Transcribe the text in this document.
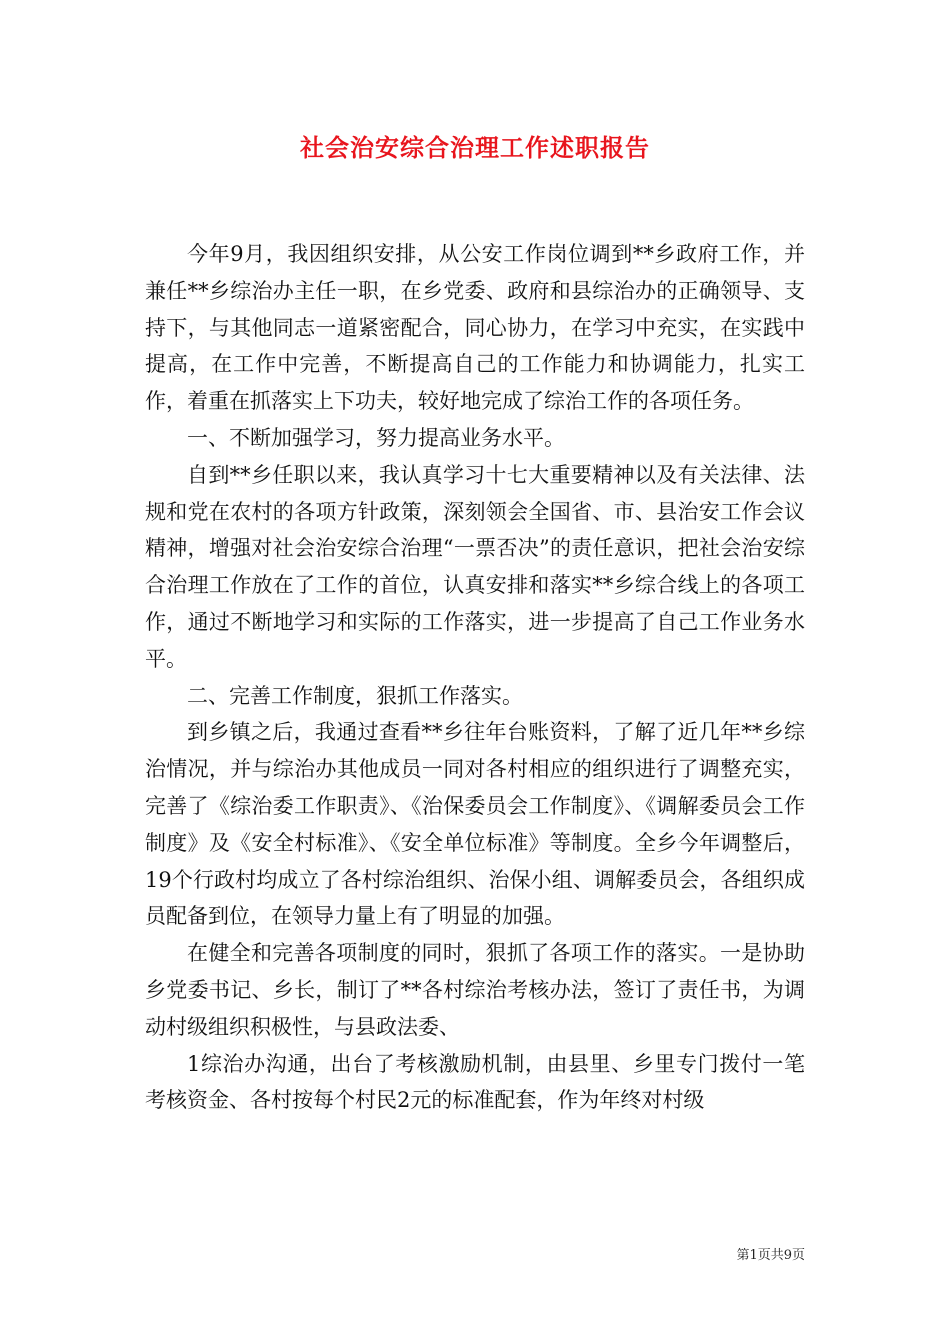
社会治安综合治理工作述职报告

今年9月，我因组织安排，从公安工作岗位调到**乡政府工作，并兼任**乡综治办主任一职，在乡党委、政府和县综治办的正确领导、支持下，与其他同志一道紧密配合，同心协力，在学习中充实，在实践中提高，在工作中完善，不断提高自己的工作能力和协调能力，扎实工作，着重在抓落实上下功夫，较好地完成了综治工作的各项任务。

一、不断加强学习，努力提高业务水平。

自到**乡任职以来，我认真学习十七大重要精神以及有关法律、法规和党在农村的各项方针政策，深刻领会全国省、市、县治安工作会议精神，增强对社会治安综合治理“一票否决”的责任意识，把社会治安综合治理工作放在了工作的首位，认真安排和落实**乡综合线上的各项工作，通过不断地学习和实际的工作落实，进一步提高了自己工作业务水平。

二、完善工作制度，狠抓工作落实。

到乡镇之后，我通过查看**乡往年台账资料，了解了近几年**乡综治情况，并与综治办其他成员一同对各村相应的组织进行了调整充实，完善了《综治委工作职责》、《治保委员会工作制度》、《调解委员会工作制度》及《安全村标准》、《安全单位标准》等制度。全乡今年调整后，19个行政村均成立了各村综治组织、治保小组、调解委员会，各组织成员配备到位，在领导力量上有了明显的加强。

在健全和完善各项制度的同时，狠抓了各项工作的落实。一是协助乡党委书记、乡长，制订了**各村综治考核办法，签订了责任书，为调动村级组织积极性，与县政法委、

1综治办沟通，出台了考核激励机制，由县里、乡里专门拨付一笔考核资金、各村按每个村民2元的标准配套，作为年终对村级

第1页共9页
